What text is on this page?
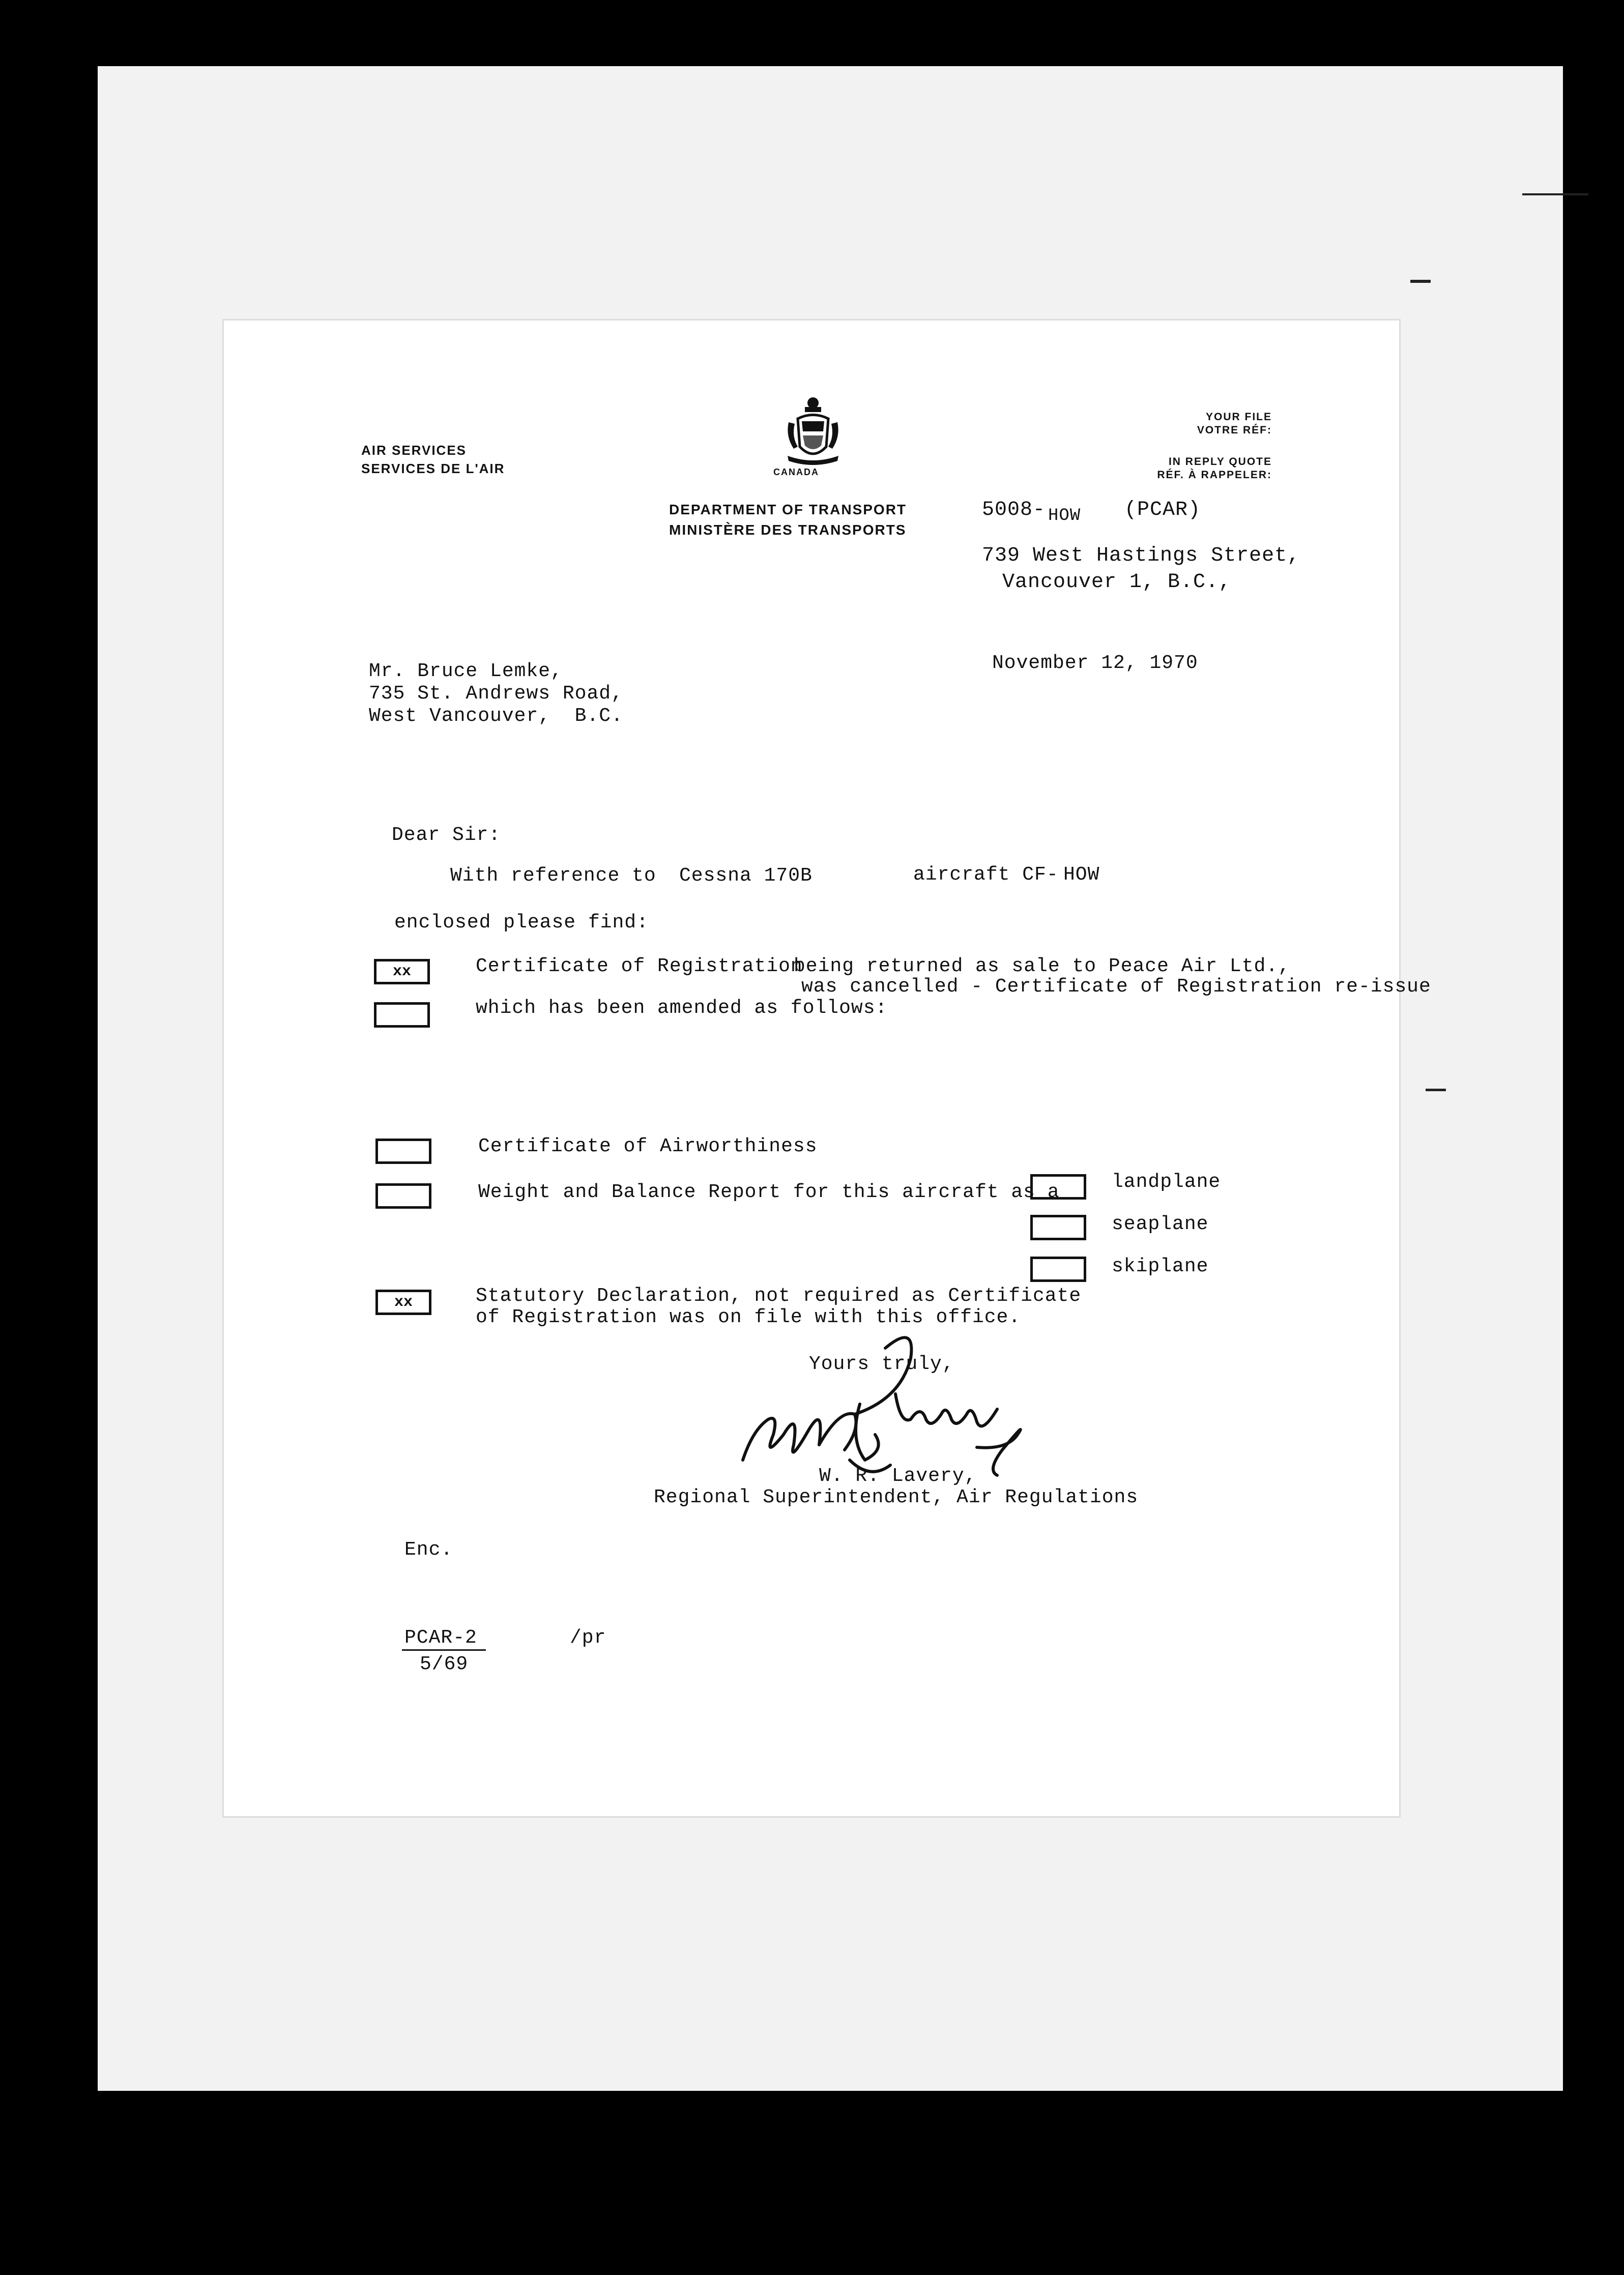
AIR SERVICES
SERVICES DE L'AIR

	CANADA
DEPARTMENT OF TRANSPORT
MINISTÈRE DES TRANSPORTS
YOUR FILE
VOTRE RÉF:
IN REPLY QUOTE
RÉF. À RAPPELER:
5008- HOW (PCAR)
739 West Hastings Street,
Vancouver 1, B.C.,
November 12, 1970
Mr. Bruce Lemke,
735 St. Andrews Road,
West Vancouver,  B.C.
Dear Sir:
With reference to Cessna 170B	aircraft CF- HOW
enclosed please find:
xx	Certificate of Registration
being returned as sale to Peace Air Ltd.,
was cancelled - Certificate of Registration re-issue
which has been amended as follows:
Certificate of Airworthiness
Weight and Balance Report for this aircraft as a	landplane
seaplane
skiplane
xx	Statutory Declaration, not required as Certificate
of Registration was on file with this office.
Yours truly,
W. R. Lavery,
Regional Superintendent, Air Regulations
Enc.
PCAR-2
5/69
/pr
